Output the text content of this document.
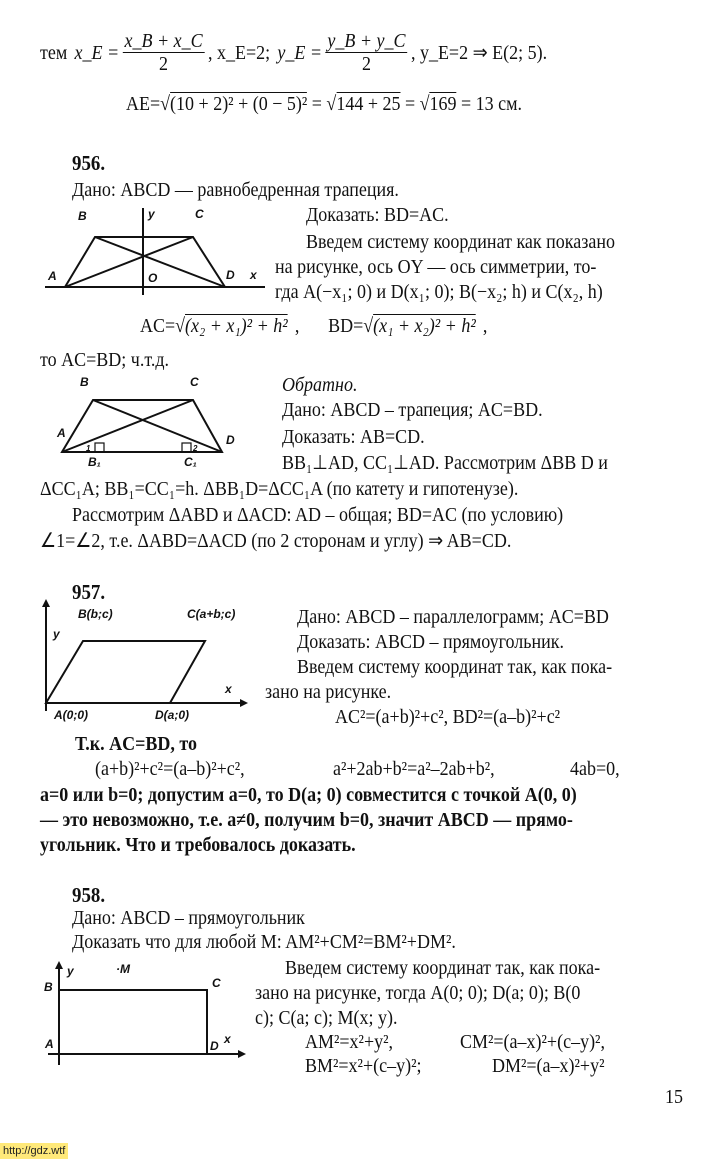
тем x_E = $\frac{x\_B + x\_C}{2}$ , x_E=2; y_E = $\frac{y\_B + y\_C}{2}$ , y_E=2 ⇒ E(2; 5).
AE=√(10 + 2)² + (0 − 5)² = √144 + 25 = √169 = 13 см.
956.
Дано: ABCD — равнобедренная трапеция.
Доказать: BD=AC.
Введем систему координат как показано
на рисунке, ось OY — ось симметрии, то-
гда A(−x₁; 0) и D(x₁; 0); B(−x₂; h) и C(x₂, h)
AC= √ (x₂ + x₁)² + h² , BD= √ (x₁ + x₂)² + h² ,
то AC=BD; ч.т.д.
B	C
y
A	O	D x
Обратно.
Дано: ABCD – трапеция; AC=BD.
Доказать: AB=CD.
BB₁⊥AD, CC₁⊥AD. Рассмотрим ΔBB D и
ΔCC₁A; BB₁=CC₁=h. ΔBB₁D=ΔCC₁A (по катету и гипотенузе).
Рассмотрим ΔABD и ΔACD: AD – общая; BD=AC (по условию)
∠1=∠2, т.е. ΔABD=ΔACD (по 2 сторонам и углу) ⇒ AB=CD.
B	C
A	D
1	2
B₁	C₁
957.
Дано: ABCD – параллелограмм; AC=BD
Доказать: ABCD – прямоугольник.
Введем систему координат так, как пока-
зано на рисунке.
AC²=(a+b)²+c², BD²=(a–b)²+c²
Т.к. AC=BD, то
(a+b)²+c²=(a–b)²+c²,	a²+2ab+b²=a²–2ab+b²,	4ab=0,
a=0 или b=0; допустим a=0, то D(a; 0) совместится с точкой A(0, 0)
— это невозможно, т.е. a≠0, получим b=0, значит ABCD — прямо-
угольник. Что и требовалось доказать.
B(b;c)	C(a+b;c)
y
x
A(0;0)	D(a;0)
958.
Дано: ABCD – прямоугольник
Доказать что для любой M: AM²+CM²=BM²+DM².
Введем систему координат так, как пока-
зано на рисунке, тогда A(0; 0); D(a; 0); B(0
c); C(a; c); M(x; y).
AM²=x²+y²,	CM²=(a–x)²+(c–y)²,
BM²=x²+(c–y)²;	DM²=(a–x)²+y²
B
y	·M
C
A	D x
15
http://gdz.wtf
